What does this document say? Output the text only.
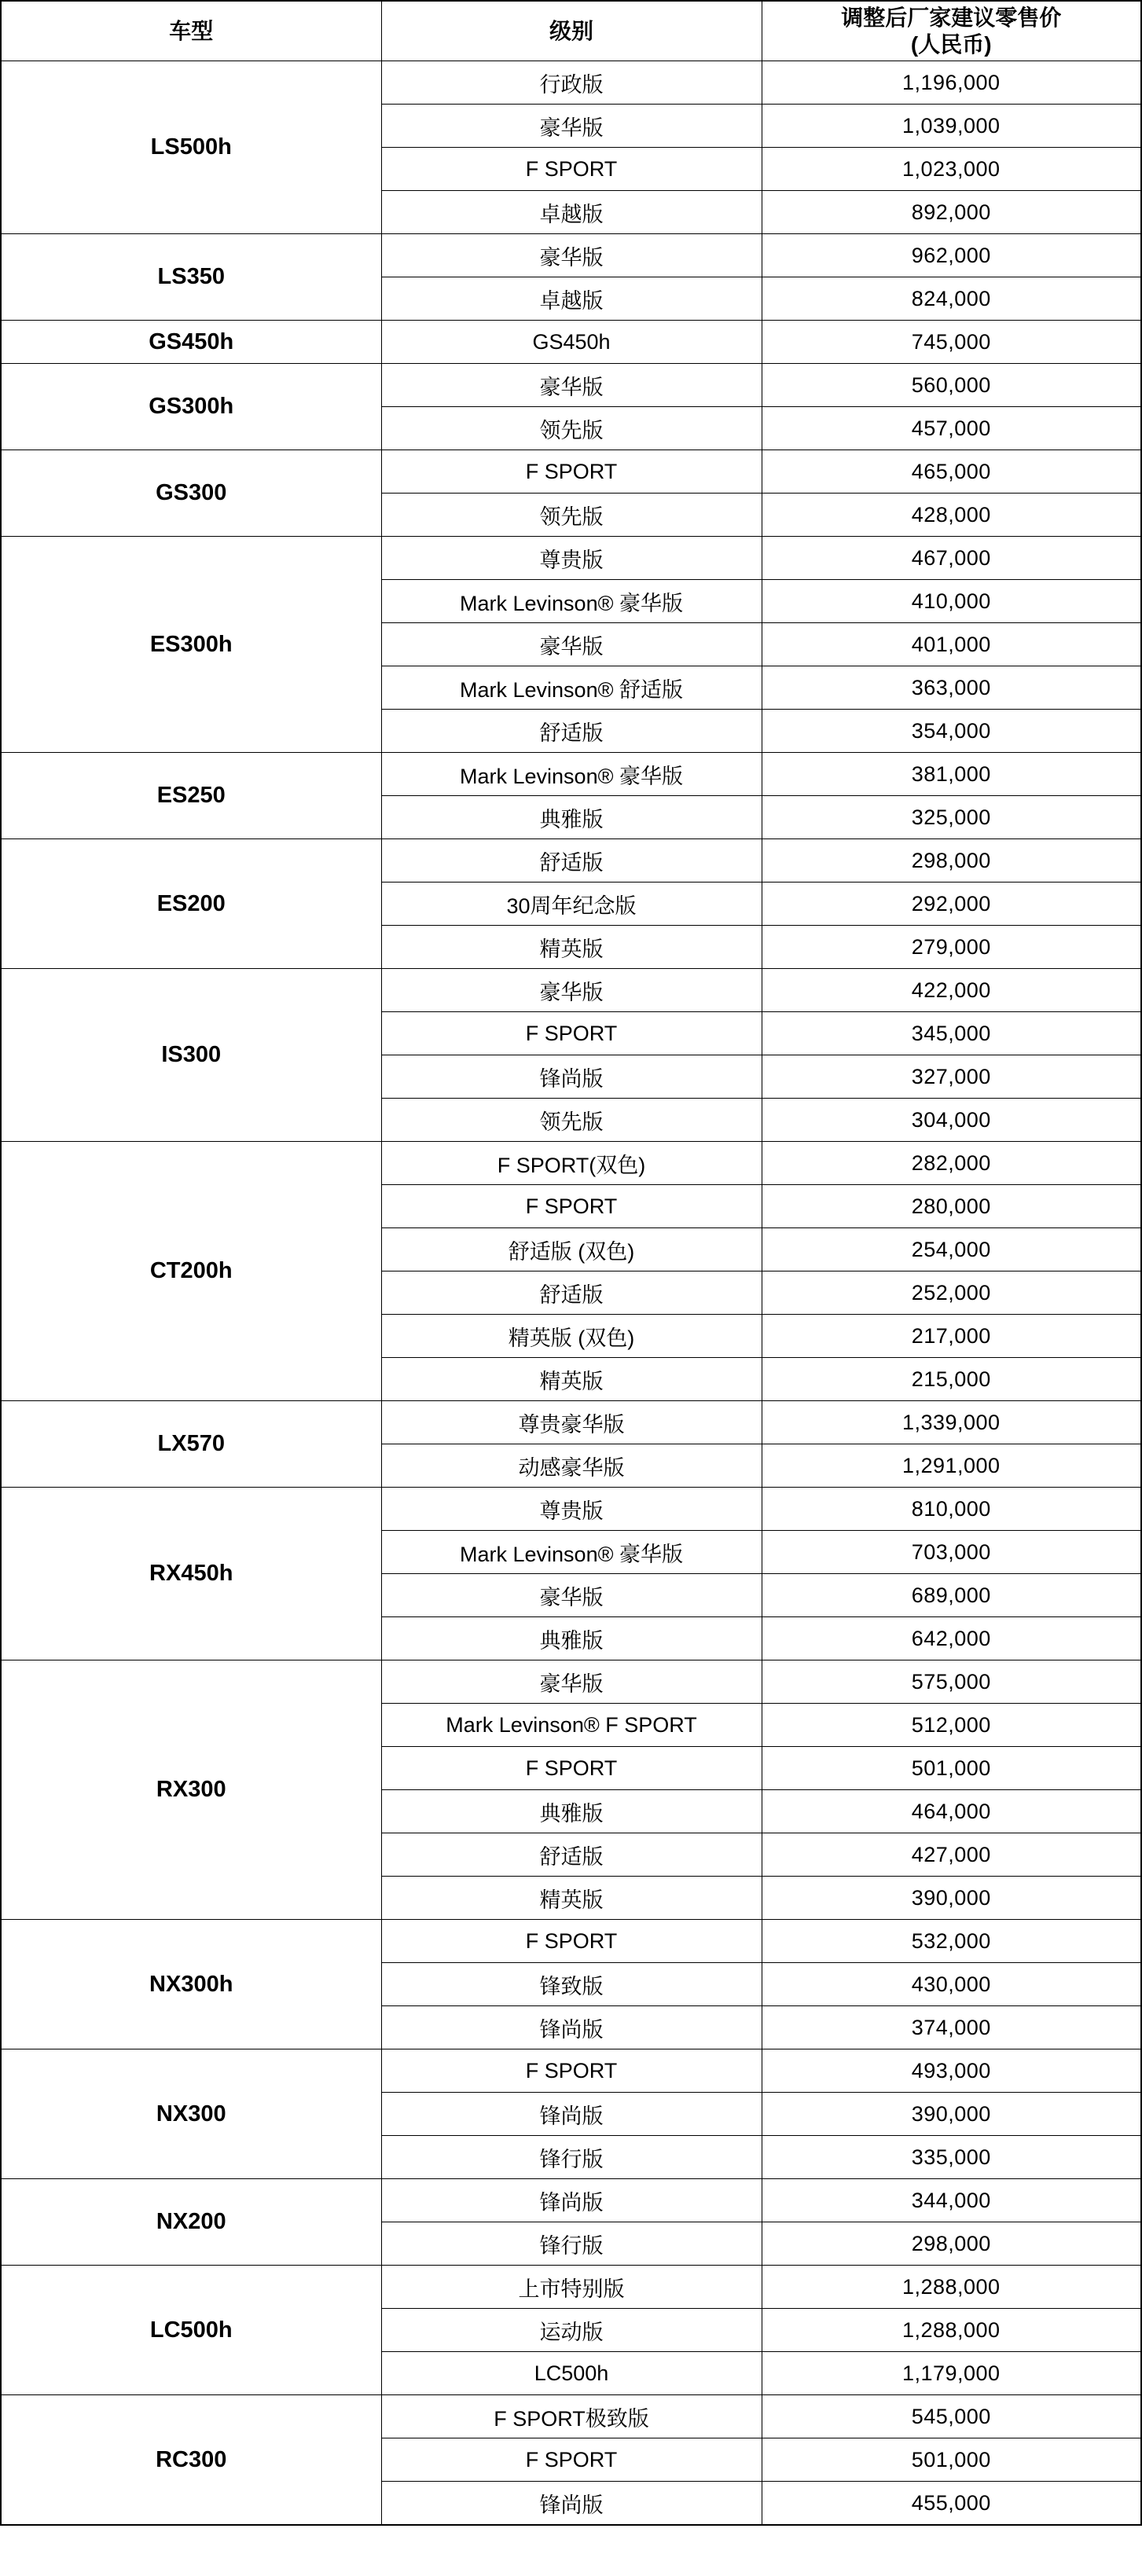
车型	级别	调整后厂家建议零售价
(人民币)

LS500h	行政版	1,196,000
	豪华版	1,039,000
	F SPORT	1,023,000
	卓越版	892,000
LS350	豪华版	962,000
	卓越版	824,000
GS450h	GS450h	745,000
GS300h	豪华版	560,000
	领先版	457,000
GS300	F SPORT	465,000
	领先版	428,000
ES300h	尊贵版	467,000
	Mark Levinson® 豪华版	410,000
	豪华版	401,000
	Mark Levinson® 舒适版	363,000
	舒适版	354,000
ES250	Mark Levinson® 豪华版	381,000
	典雅版	325,000
ES200	舒适版	298,000
	30周年纪念版	292,000
	精英版	279,000
IS300	豪华版	422,000
	F SPORT	345,000
	锋尚版	327,000
	领先版	304,000
CT200h	F SPORT(双色)	282,000
	F SPORT	280,000
	舒适版 (双色)	254,000
	舒适版	252,000
	精英版 (双色)	217,000
	精英版	215,000
LX570	尊贵豪华版	1,339,000
	动感豪华版	1,291,000
RX450h	尊贵版	810,000
	Mark Levinson® 豪华版	703,000
	豪华版	689,000
	典雅版	642,000
RX300	豪华版	575,000
	Mark Levinson® F SPORT	512,000
	F SPORT	501,000
	典雅版	464,000
	舒适版	427,000
	精英版	390,000
NX300h	F SPORT	532,000
	锋致版	430,000
	锋尚版	374,000
NX300	F SPORT	493,000
	锋尚版	390,000
	锋行版	335,000
NX200	锋尚版	344,000
	锋行版	298,000
LC500h	上市特别版	1,288,000
	运动版	1,288,000
	LC500h	1,179,000
RC300	F SPORT极致版	545,000
	F SPORT	501,000
	锋尚版	455,000
